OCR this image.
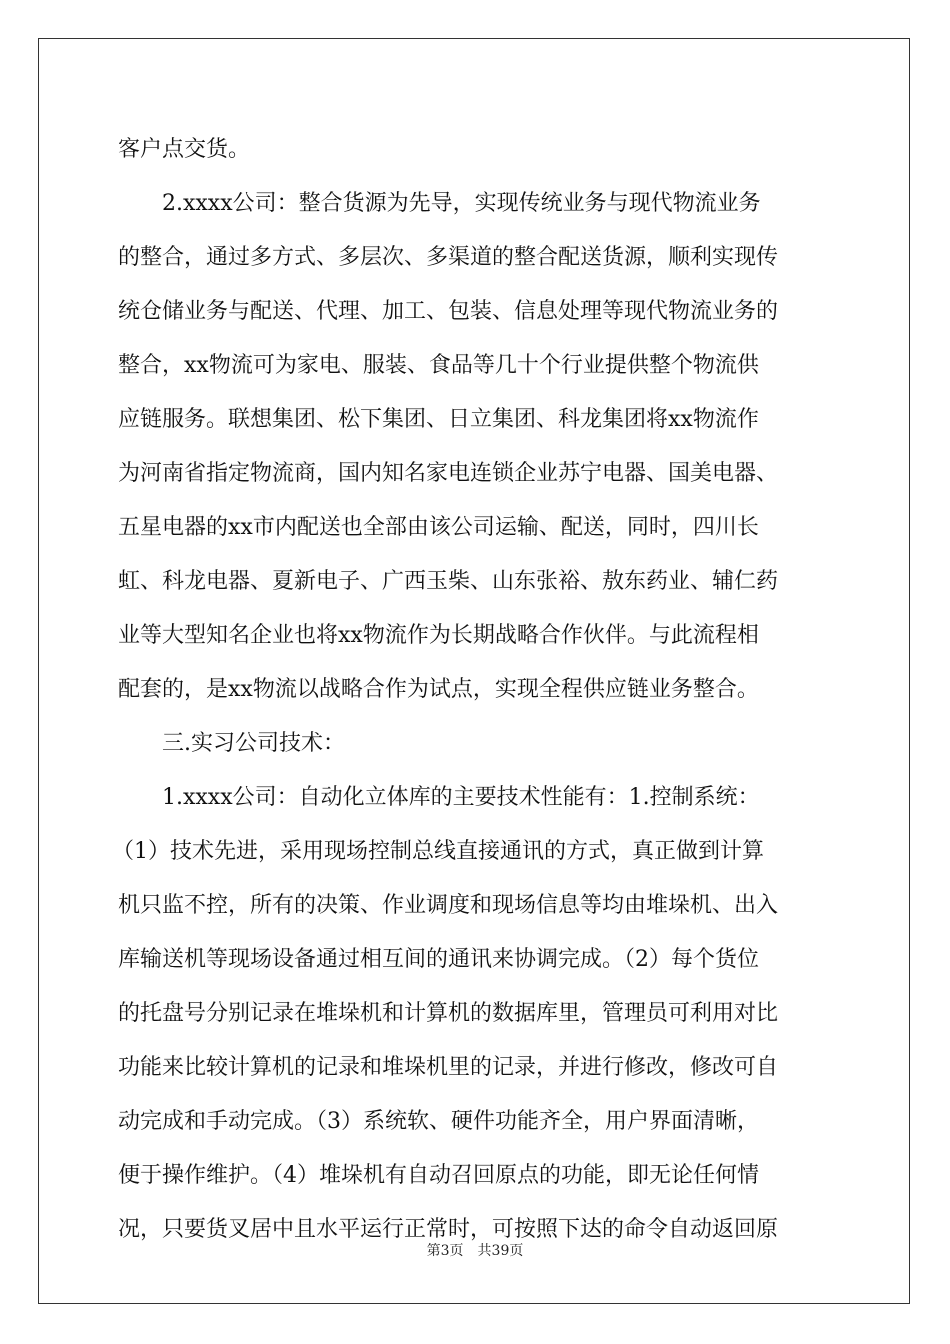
客户点交货。
2.xxxx公司：整合货源为先导，实现传统业务与现代物流业务
的整合，通过多方式、多层次、多渠道的整合配送货源，顺利实现传
统仓储业务与配送、代理、加工、包装、信息处理等现代物流业务的
整合，xx物流可为家电、服装、食品等几十个行业提供整个物流供
应链服务。联想集团、松下集团、日立集团、科龙集团将xx物流作
为河南省指定物流商，国内知名家电连锁企业苏宁电器、国美电器、
五星电器的xx市内配送也全部由该公司运输、配送，同时，四川长
虹、科龙电器、夏新电子、广西玉柴、山东张裕、敖东药业、辅仁药
业等大型知名企业也将xx物流作为长期战略合作伙伴。与此流程相
配套的，是xx物流以战略合作为试点，实现全程供应链业务整合。
三.实习公司技术：
1.xxxx公司：自动化立体库的主要技术性能有：1.控制系统：
（1）技术先进，采用现场控制总线直接通讯的方式，真正做到计算
机只监不控，所有的决策、作业调度和现场信息等均由堆垛机、出入
库输送机等现场设备通过相互间的通讯来协调完成。（2）每个货位
的托盘号分别记录在堆垛机和计算机的数据库里，管理员可利用对比
功能来比较计算机的记录和堆垛机里的记录，并进行修改，修改可自
动完成和手动完成。（3）系统软、硬件功能齐全，用户界面清晰，
便于操作维护。（4）堆垛机有自动召回原点的功能，即无论任何情
况，只要货叉居中且水平运行正常时，可按照下达的命令自动返回原
第3页 共39页
